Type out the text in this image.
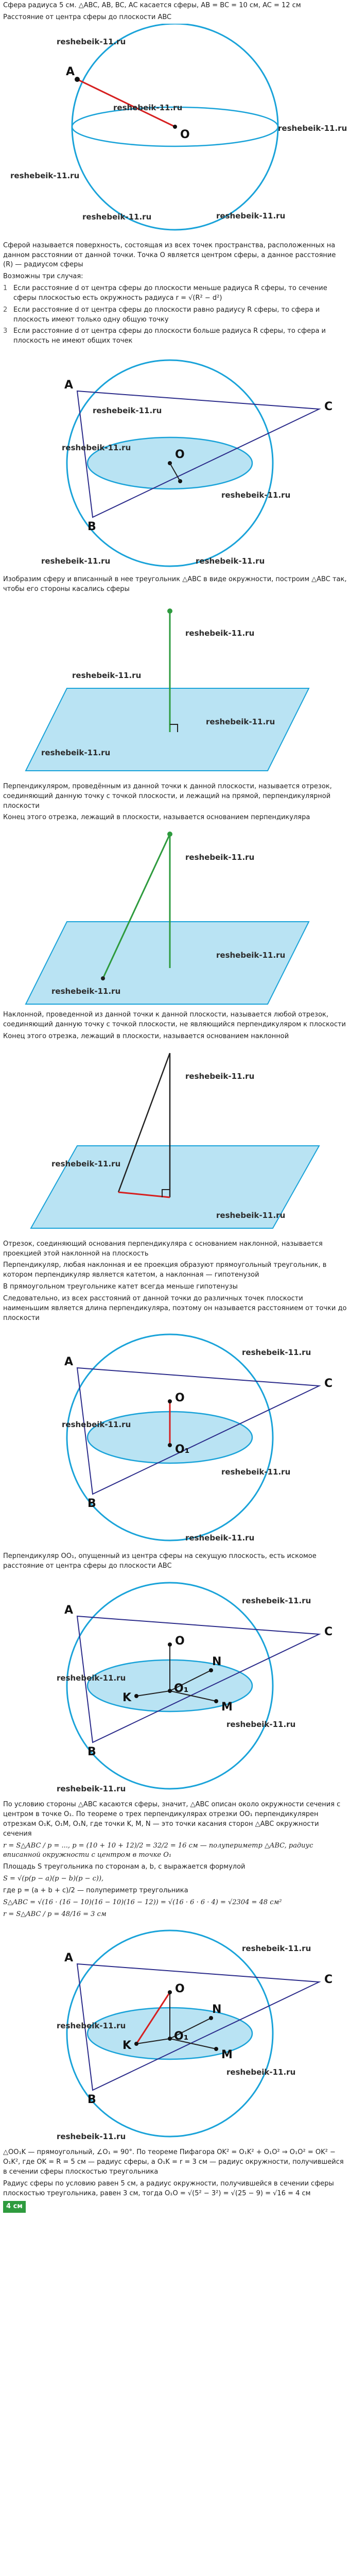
Сфера радиуса 5 см. △ABC, AB, BC, AC касается сферы, AB = BC = 10 см, AC = 12 см
Расстояние от центра сферы до плоскости ABC
A
O
reshebeik-11.ru
reshebeik-11.ru
reshebeik-11.ru
reshebeik-11.ru
reshebeik-11.ru	reshebeik-11.ru
Сферой называется поверхность, состоящая из всех точек пространства, расположенных на данном расстоянии от данной точки. Точка O является центром сферы, а данное расстояние (R) — радиусом сферы
Возможны три случая:
1 Если расстояние d от центра сферы до плоскости меньше радиуса R сферы, то сечение сферы плоскостью есть окружность радиуса r = √(R² − d²)
2 Если расстояние d от центра сферы до плоскости равно радиусу R сферы, то сфера и плоскость имеют только одну общую точку
3 Если расстояние d от центра сферы до плоскости больше радиуса R сферы, то сфера и плоскость не имеют общих точек
A
C
B
O
reshebeik-11.ru
reshebeik-11.ru
reshebeik-11.ru
reshebeik-11.ru	reshebeik-11.ru
Изобразим сферу и вписанный в нее треугольник △ABC в виде окружности, построим △ABC так, чтобы его стороны касались сферы
reshebeik-11.ru
reshebeik-11.ru
reshebeik-11.ru
reshebeik-11.ru
Перпендикуляром, проведённым из данной точки к данной плоскости, называется отрезок, соединяющий данную точку с точкой плоскости, и лежащий на прямой, перпендикулярной плоскости
Конец этого отрезка, лежащий в плоскости, называется основанием перпендикуляра
reshebeik-11.ru
reshebeik-11.ru
reshebeik-11.ru
Наклонной, проведенной из данной точки к данной плоскости, называется любой отрезок, соединяющий данную точку с точкой плоскости, не являющийся перпендикуляром к плоскости
Конец этого отрезка, лежащий в плоскости, называется основанием наклонной
reshebeik-11.ru
reshebeik-11.ru
reshebeik-11.ru
Отрезок, соединяющий основания перпендикуляра с основанием наклонной, называется проекцией этой наклонной на плоскость
Перпендикуляр, любая наклонная и ее проекция образуют прямоугольный треугольник, в котором перпендикуляр является катетом, а наклонная — гипотенузой
В прямоугольном треугольнике катет всегда меньше гипотенузы
Следовательно, из всех расстояний от данной точки до различных точек плоскости наименьшим является длина перпендикуляра, поэтому он называется расстоянием от точки до плоскости
A
C
B
O
O₁
reshebeik-11.ru
reshebeik-11.ru
reshebeik-11.ru
reshebeik-11.ru
Перпендикуляр OO₁, опущенный из центра сферы на секущую плоскость, есть искомое расстояние от центра сферы до плоскости ABC
A
C
B
O
O₁
K
N
M
reshebeik-11.ru
reshebeik-11.ru
reshebeik-11.ru
reshebeik-11.ru
По условию стороны △ABC касаются сферы, значит, △ABC описан около окружности сечения с центром в точке O₁. По теореме о трех перпендикулярах отрезки OO₁ перпендикулярен отрезкам O₁K, O₁M, O₁N, где точки K, M, N — это точки касания сторон △ABC окружности сечения
r = S△ABC / p = ..., p = (10 + 10 + 12)/2 = 32/2 = 16 см — полупериметр △ABC, радиус вписанной окружности с центром в точке O₁
Площадь S треугольника по сторонам a, b, c выражается формулой
S = √(p(p − a)(p − b)(p − c)),
где p = (a + b + c)/2 — полупериметр треугольника
S△ABC = √(16 · (16 − 10)(16 − 10)(16 − 12)) = √(16 · 6 · 6 · 4) = √2304 = 48 см²
r = S△ABC / p = 48/16 = 3 см
A
C
B
O
O₁
K
N
M
reshebeik-11.ru
reshebeik-11.ru
reshebeik-11.ru
reshebeik-11.ru
△OO₁K — прямоугольный, ∠O₁ = 90°. По теореме Пифагора OK² = O₁K² + O₁O² ⇒ O₁O² = OK² − O₁K², где OK = R = 5 см — радиус сферы, а O₁K = r = 3 см — радиус окружности, получившейся в сечении сферы плоскостью треугольника
Радиус сферы по условию равен 5 см, а радиус окружности, получившейся в сечении сферы плоскостью треугольника, равен 3 см, тогда O₁O = √(5² − 3²) = √(25 − 9) = √16 = 4 см
4 см
